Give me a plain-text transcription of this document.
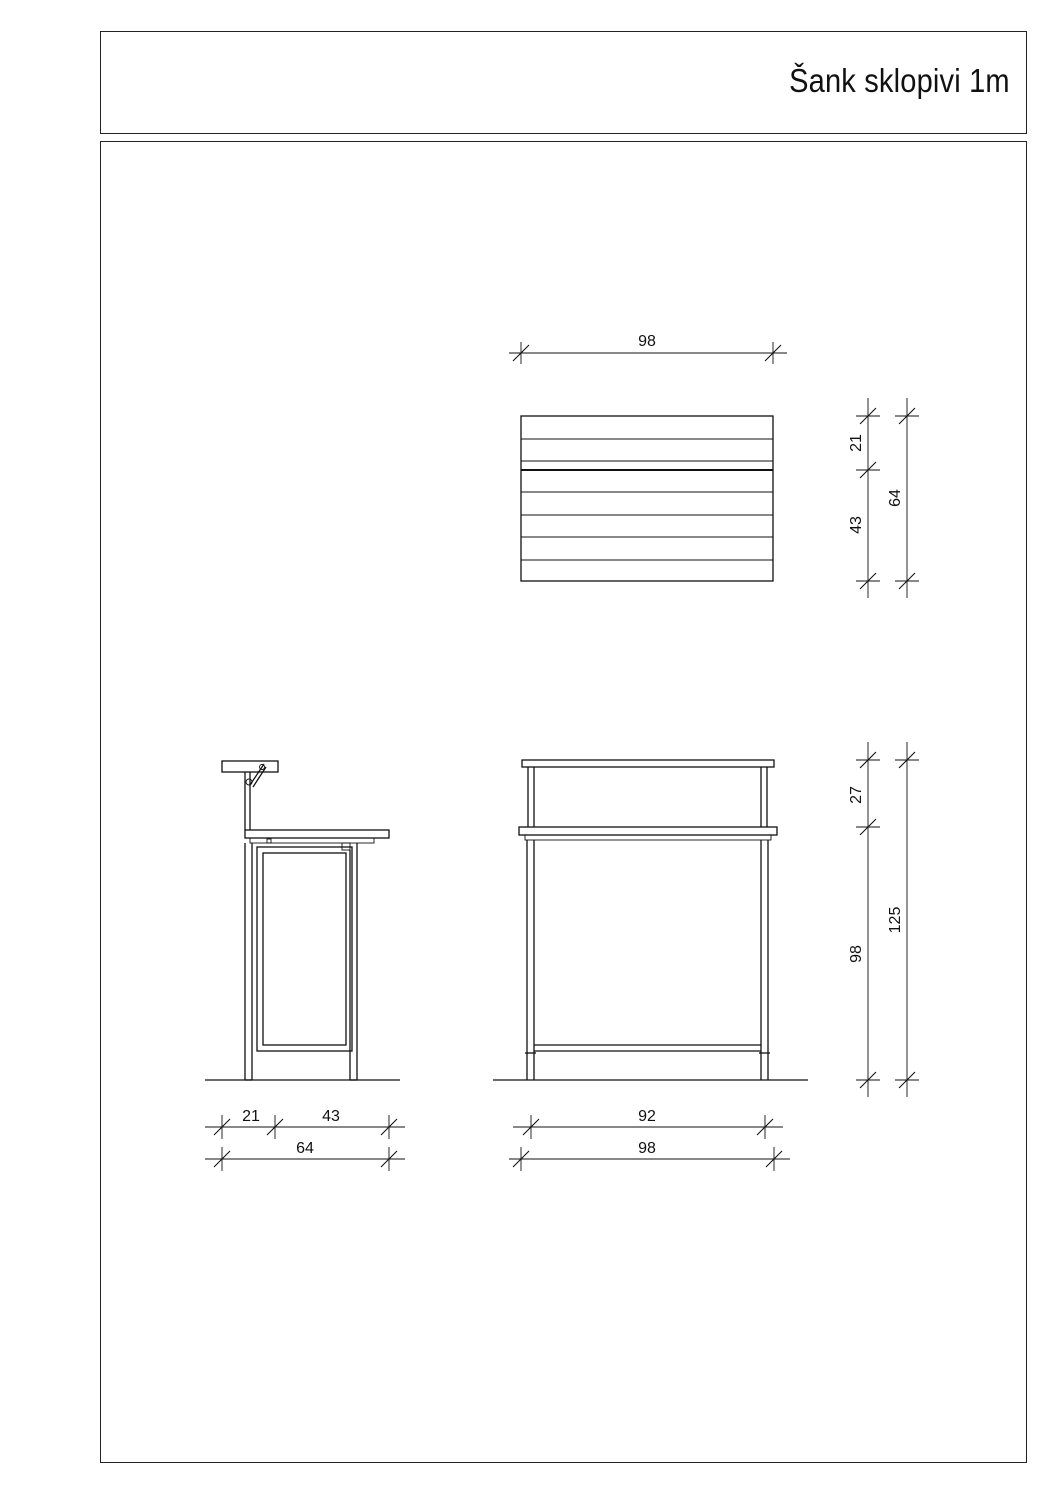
Šank sklopivi 1m
98
21
43
64
21	43
64
92
98
27
98
125
